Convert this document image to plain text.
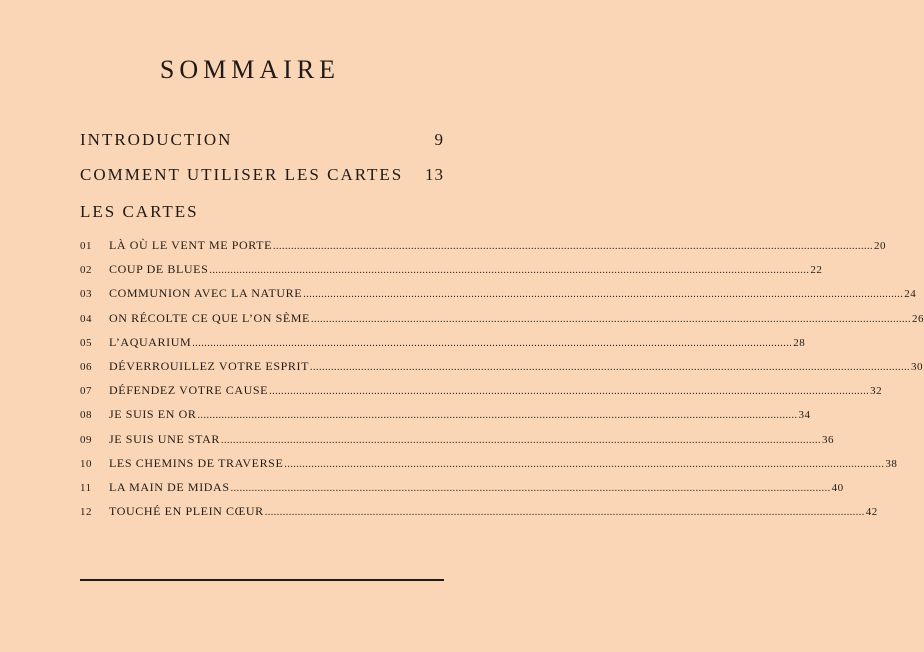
SOMMAIRE
INTRODUCTION	9
COMMENT UTILISER LES CARTES 13
LES CARTES
01	LÀ OÙ LE VENT ME PORTE ........................................................................................................................................................................................................ 20
02	COUP DE BLUES ........................................................................................................................................................................................................ 22
03	COMMUNION AVEC LA NATURE ........................................................................................................................................................................................................ 24
04	ON RÉCOLTE CE QUE L’ON SÈME ........................................................................................................................................................................................................ 26
05	L’AQUARIUM ........................................................................................................................................................................................................ 28
06	DÉVERROUILLEZ VOTRE ESPRIT ........................................................................................................................................................................................................ 30
07	DÉFENDEZ VOTRE CAUSE ........................................................................................................................................................................................................ 32
08	JE SUIS EN OR ........................................................................................................................................................................................................ 34
09	JE SUIS UNE STAR ........................................................................................................................................................................................................ 36
10	LES CHEMINS DE TRAVERSE ........................................................................................................................................................................................................ 38
11	LA MAIN DE MIDAS ........................................................................................................................................................................................................ 40
12	TOUCHÉ EN PLEIN CŒUR ........................................................................................................................................................................................................ 42
